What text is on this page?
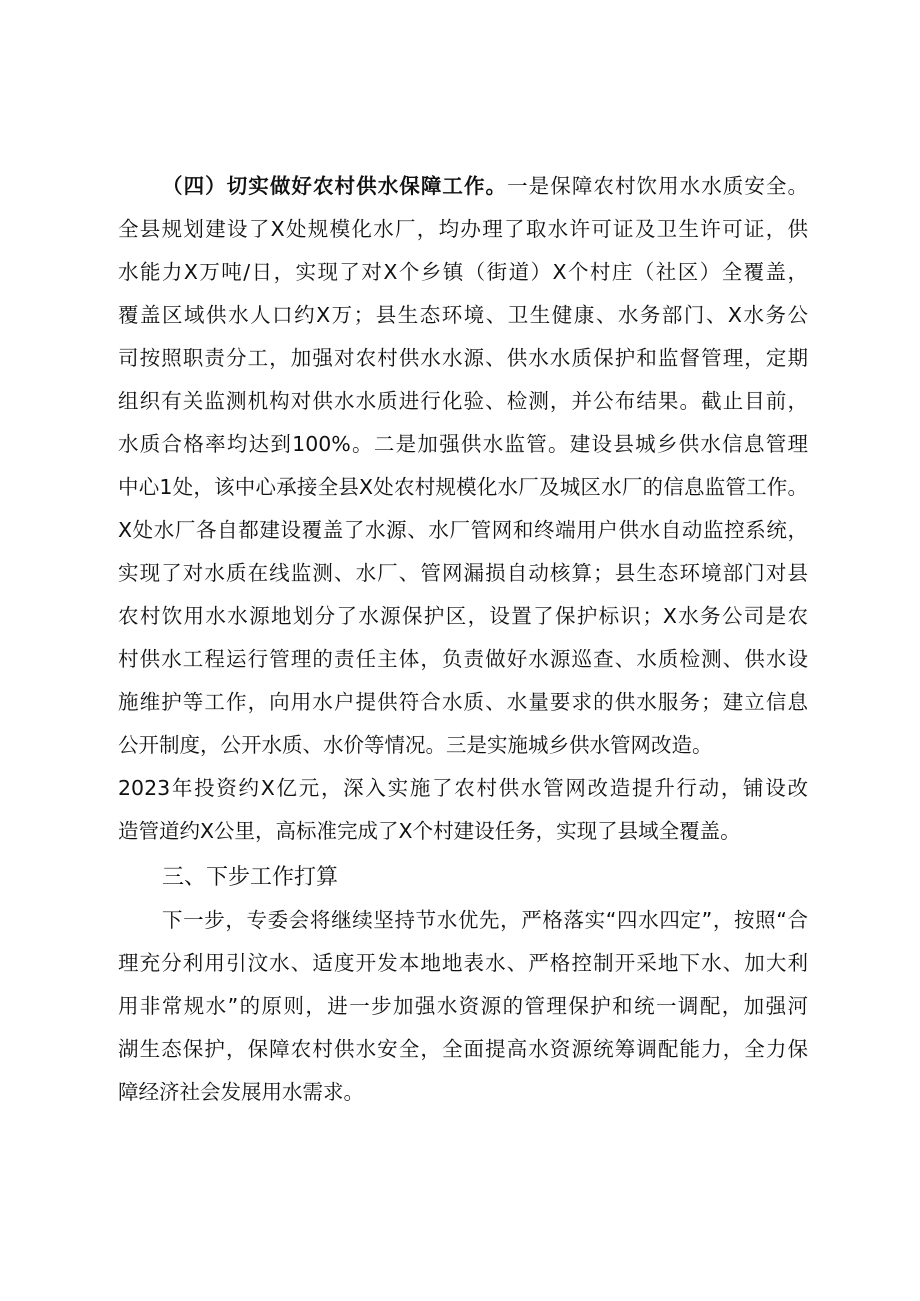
（四）切实做好农村供水保障工作。一是保障农村饮用水水质安全。
全县规划建设了X处规模化水厂，均办理了取水许可证及卫生许可证，供
水能力X万吨/日，实现了对X个乡镇（街道）X个村庄（社区）全覆盖，
覆盖区域供水人口约X万；县生态环境、卫生健康、水务部门、X水务公
司按照职责分工，加强对农村供水水源、供水水质保护和监督管理，定期
组织有关监测机构对供水水质进行化验、检测，并公布结果。截止目前，
水质合格率均达到100%。二是加强供水监管。建设县城乡供水信息管理
中心1处，该中心承接全县X处农村规模化水厂及城区水厂的信息监管工作。
X处水厂各自都建设覆盖了水源、水厂管网和终端用户供水自动监控系统，
实现了对水质在线监测、水厂、管网漏损自动核算；县生态环境部门对县
农村饮用水水源地划分了水源保护区，设置了保护标识；X水务公司是农
村供水工程运行管理的责任主体，负责做好水源巡查、水质检测、供水设
施维护等工作，向用水户提供符合水质、水量要求的供水服务；建立信息
公开制度，公开水质、水价等情况。三是实施城乡供水管网改造。
2023年投资约X亿元，深入实施了农村供水管网改造提升行动，铺设改
造管道约X公里，高标准完成了X个村建设任务，实现了县域全覆盖。
三、下步工作打算
下一步，专委会将继续坚持节水优先，严格落实“四水四定”，按照“合
理充分利用引汶水、适度开发本地地表水、严格控制开采地下水、加大利
用非常规水”的原则，进一步加强水资源的管理保护和统一调配，加强河
湖生态保护，保障农村供水安全，全面提高水资源统筹调配能力，全力保
障经济社会发展用水需求。
